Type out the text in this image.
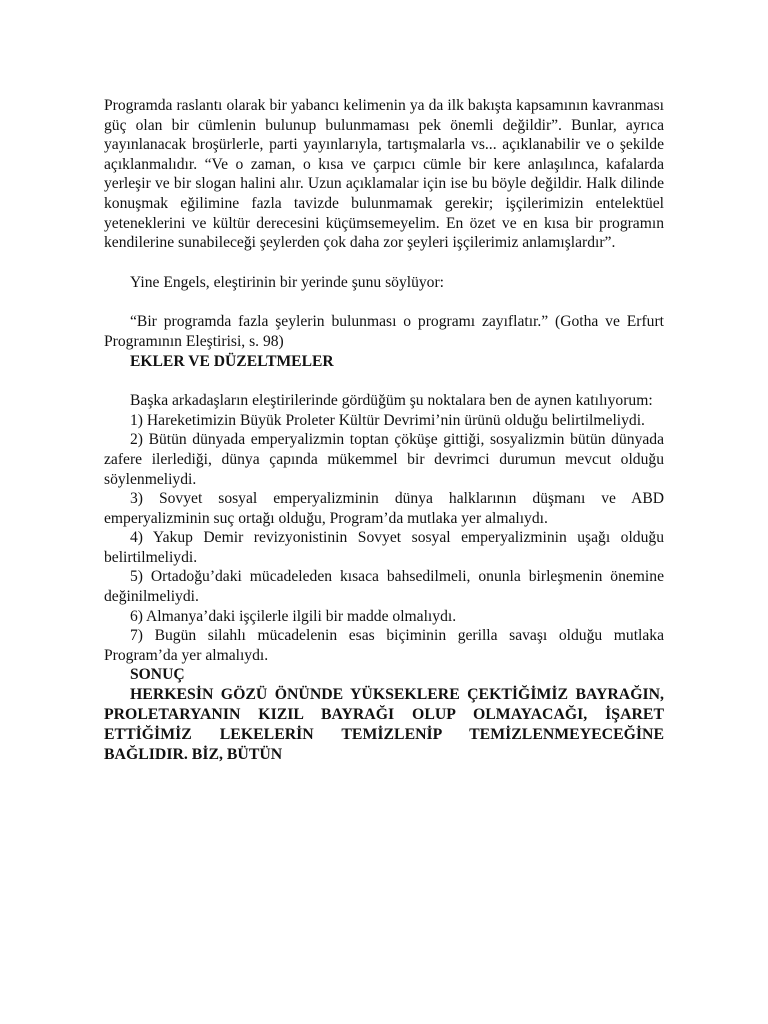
Programda raslantı olarak bir yabancı kelimenin ya da ilk bakışta kapsamının kavranması güç olan bir cümlenin bulunup bulunmaması pek önemli değildir”. Bunlar, ayrıca yayınlanacak broşürlerle, parti yayınlarıyla, tartışmalarla vs... açıklanabilir ve o şekilde açıklanmalıdır. “Ve o zaman, o kısa ve çarpıcı cümle bir kere anlaşılınca, kafalarda yerleşir ve bir slogan halini alır. Uzun açıklamalar için ise bu böyle değildir. Halk dilinde konuşmak eğilimine fazla tavizde bulunmamak gerekir; işçilerimizin entelektüel yeteneklerini ve kültür derecesini küçümsemeyelim. En özet ve en kısa bir programın kendilerine sunabileceği şeylerden çok daha zor şeyleri işçilerimiz anlamışlardır”.

Yine Engels, eleştirinin bir yerinde şunu söylüyor:

“Bir programda fazla şeylerin bulunması o programı zayıflatır.” (Gotha ve Erfurt Programının Eleştirisi, s. 98)

EKLER VE DÜZELTMELER

Başka arkadaşların eleştirilerinde gördüğüm şu noktalara ben de aynen katılıyorum:

1) Hareketimizin Büyük Proleter Kültür Devrimi’nin ürünü olduğu belirtilmeliydi.

2) Bütün dünyada emperyalizmin toptan çöküşe gittiği, sosyalizmin bütün dünyada zafere ilerlediği, dünya çapında mükemmel bir devrimci durumun mevcut olduğu söylenmeliydi.

3) Sovyet sosyal emperyalizminin dünya halklarının düşmanı ve ABD emperyalizminin suç ortağı olduğu, Program’da mutlaka yer almalıydı.

4) Yakup Demir revizyonistinin Sovyet sosyal emperyalizminin uşağı olduğu belirtilmeliydi.

5) Ortadoğu’daki mücadeleden kısaca bahsedilmeli, onunla birleşmenin önemine değinilmeliydi.

6) Almanya’daki işçilerle ilgili bir madde olmalıydı.

7) Bugün silahlı mücadelenin esas biçiminin gerilla savaşı olduğu mutlaka Program’da yer almalıydı.

SONUÇ

HERKESİN GÖZÜ ÖNÜNDE YÜKSEKLERE ÇEKTİĞİMİZ BAYRAĞIN, PROLETARYANIN KIZIL BAYRAĞI OLUP OLMAYACAĞI, İŞARET ETTİĞİMİZ LEKELERİN TEMİZLENİP TEMİZLENMEYECEĞİNE BAĞLIDIR. BİZ, BÜTÜN
